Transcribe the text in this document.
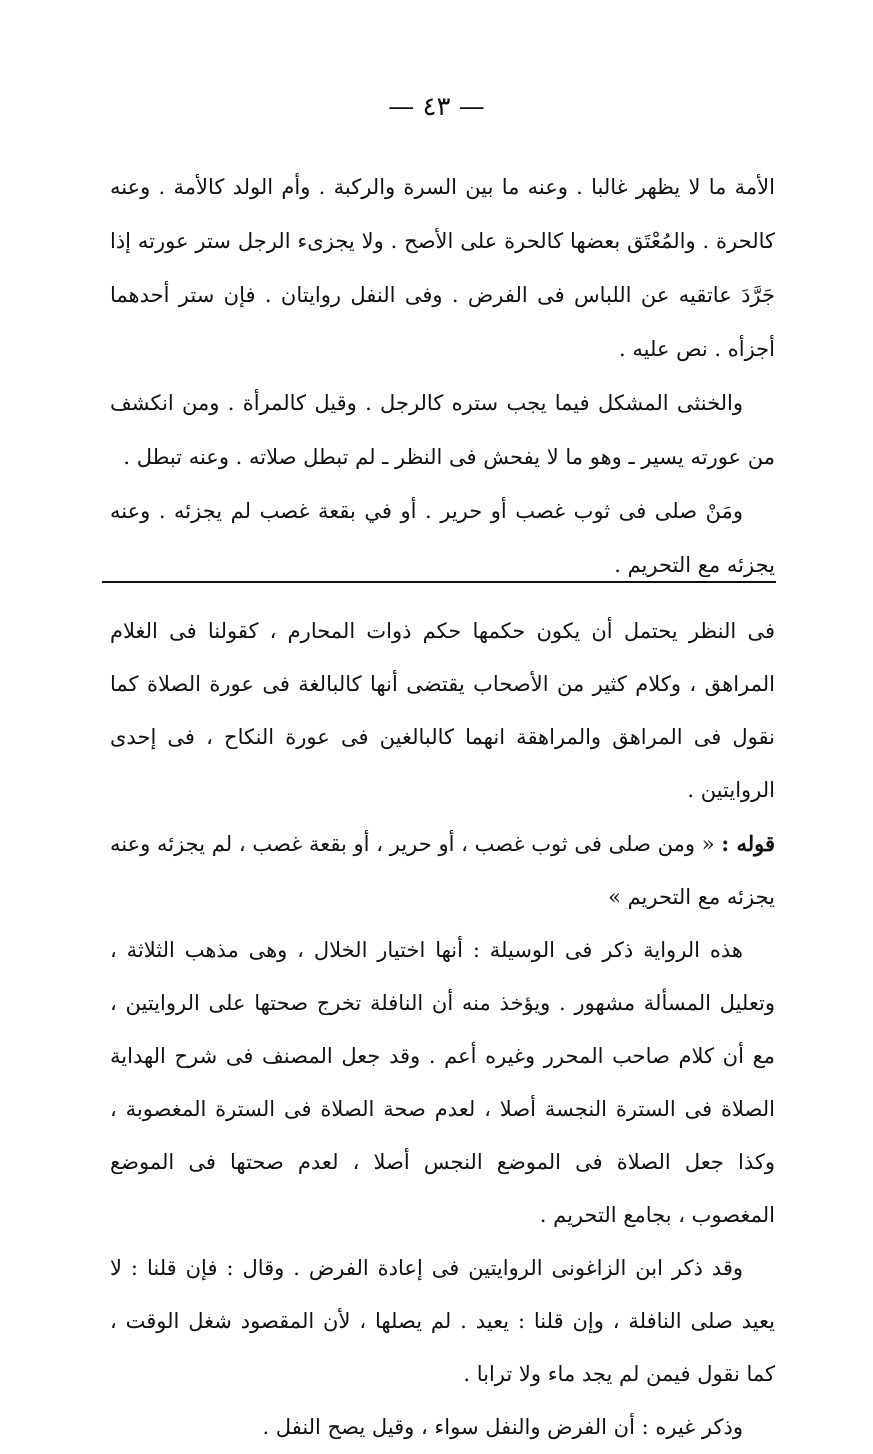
— ٤٣ —

الأمة ما لا يظهر غالبا . وعنه ما بين السرة والركبة . وأم الولد كالأمة . وعنه كالحرة . والمُعْتَق بعضها كالحرة على الأصح . ولا يجزىء الرجل ستر عورته إذا جَرَّدَ عاتقيه عن اللباس فى الفرض . وفى النفل روايتان . فإن ستر أحدهما أجزأه . نص عليه .

والخنثى المشكل فيما يجب ستره كالرجل . وقيل كالمرأة . ومن انكشف من عورته يسير ـ وهو ما لا يفحش فى النظر ـ لم تبطل صلاته . وعنه تبطل .

ومَنْ صلى فى ثوب غصب أو حرير . أو في بقعة غصب لم يجزئه . وعنه يجزئه مع التحريم .

فى النظر يحتمل أن يكون حكمها حكم ذوات المحارم ، كقولنا فى الغلام المراهق ، وكلام كثير من الأصحاب يقتضى أنها كالبالغة فى عورة الصلاة كما نقول فى المراهق والمراهقة انهما كالبالغين فى عورة النكاح ، فى إحدى الروايتين .

قوله : « ومن صلى فى ثوب غصب ، أو حرير ، أو بقعة غصب ، لم يجزئه وعنه يجزئه مع التحريم »

هذه الرواية ذكر فى الوسيلة : أنها اختيار الخلال ، وهى مذهب الثلاثة ، وتعليل المسألة مشهور . ويؤخذ منه أن النافلة تخرج صحتها على الروايتين ، مع أن كلام صاحب المحرر وغيره أعم . وقد جعل المصنف فى شرح الهداية الصلاة فى السترة النجسة أصلا ، لعدم صحة الصلاة فى السترة المغصوبة ، وكذا جعل الصلاة فى الموضع النجس أصلا ، لعدم صحتها فى الموضع المغصوب ، بجامع التحريم .

وقد ذكر ابن الزاغونى الروايتين فى إعادة الفرض . وقال : فإن قلنا : لا يعيد صلى النافلة ، وإن قلنا : يعيد . لم يصلها ، لأن المقصود شغل الوقت ، كما نقول فيمن لم يجد ماء ولا ترابا .

وذكر غيره : أن الفرض والنفل سواء ، وقيل يصح النفل .
